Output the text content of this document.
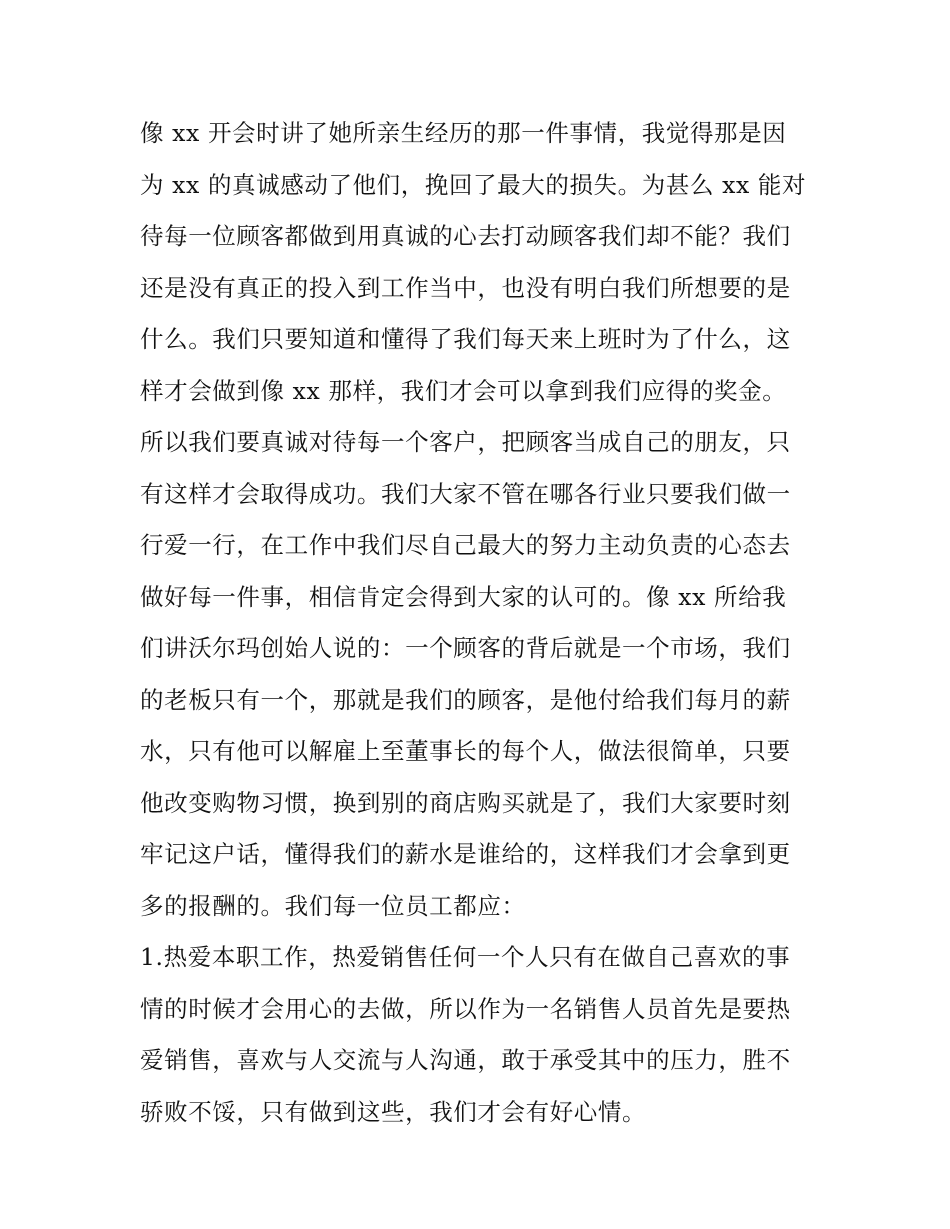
像 xx 开会时讲了她所亲生经历的那一件事情，我觉得那是因
为 xx 的真诚感动了他们，挽回了最大的损失。为甚么 xx 能对
待每一位顾客都做到用真诚的心去打动顾客我们却不能？我们
还是没有真正的投入到工作当中，也没有明白我们所想要的是
什么。我们只要知道和懂得了我们每天来上班时为了什么，这
样才会做到像 xx 那样，我们才会可以拿到我们应得的奖金。
所以我们要真诚对待每一个客户，把顾客当成自己的朋友，只
有这样才会取得成功。我们大家不管在哪各行业只要我们做一
行爱一行，在工作中我们尽自己最大的努力主动负责的心态去
做好每一件事，相信肯定会得到大家的认可的。像 xx 所给我
们讲沃尔玛创始人说的：一个顾客的背后就是一个市场，我们
的老板只有一个，那就是我们的顾客，是他付给我们每月的薪
水，只有他可以解雇上至董事长的每个人，做法很简单，只要
他改变购物习惯，换到别的商店购买就是了，我们大家要时刻
牢记这户话，懂得我们的薪水是谁给的，这样我们才会拿到更
多的报酬的。我们每一位员工都应：
1.热爱本职工作，热爱销售任何一个人只有在做自己喜欢的事
情的时候才会用心的去做，所以作为一名销售人员首先是要热
爱销售，喜欢与人交流与人沟通，敢于承受其中的压力，胜不
骄败不馁，只有做到这些，我们才会有好心情。
